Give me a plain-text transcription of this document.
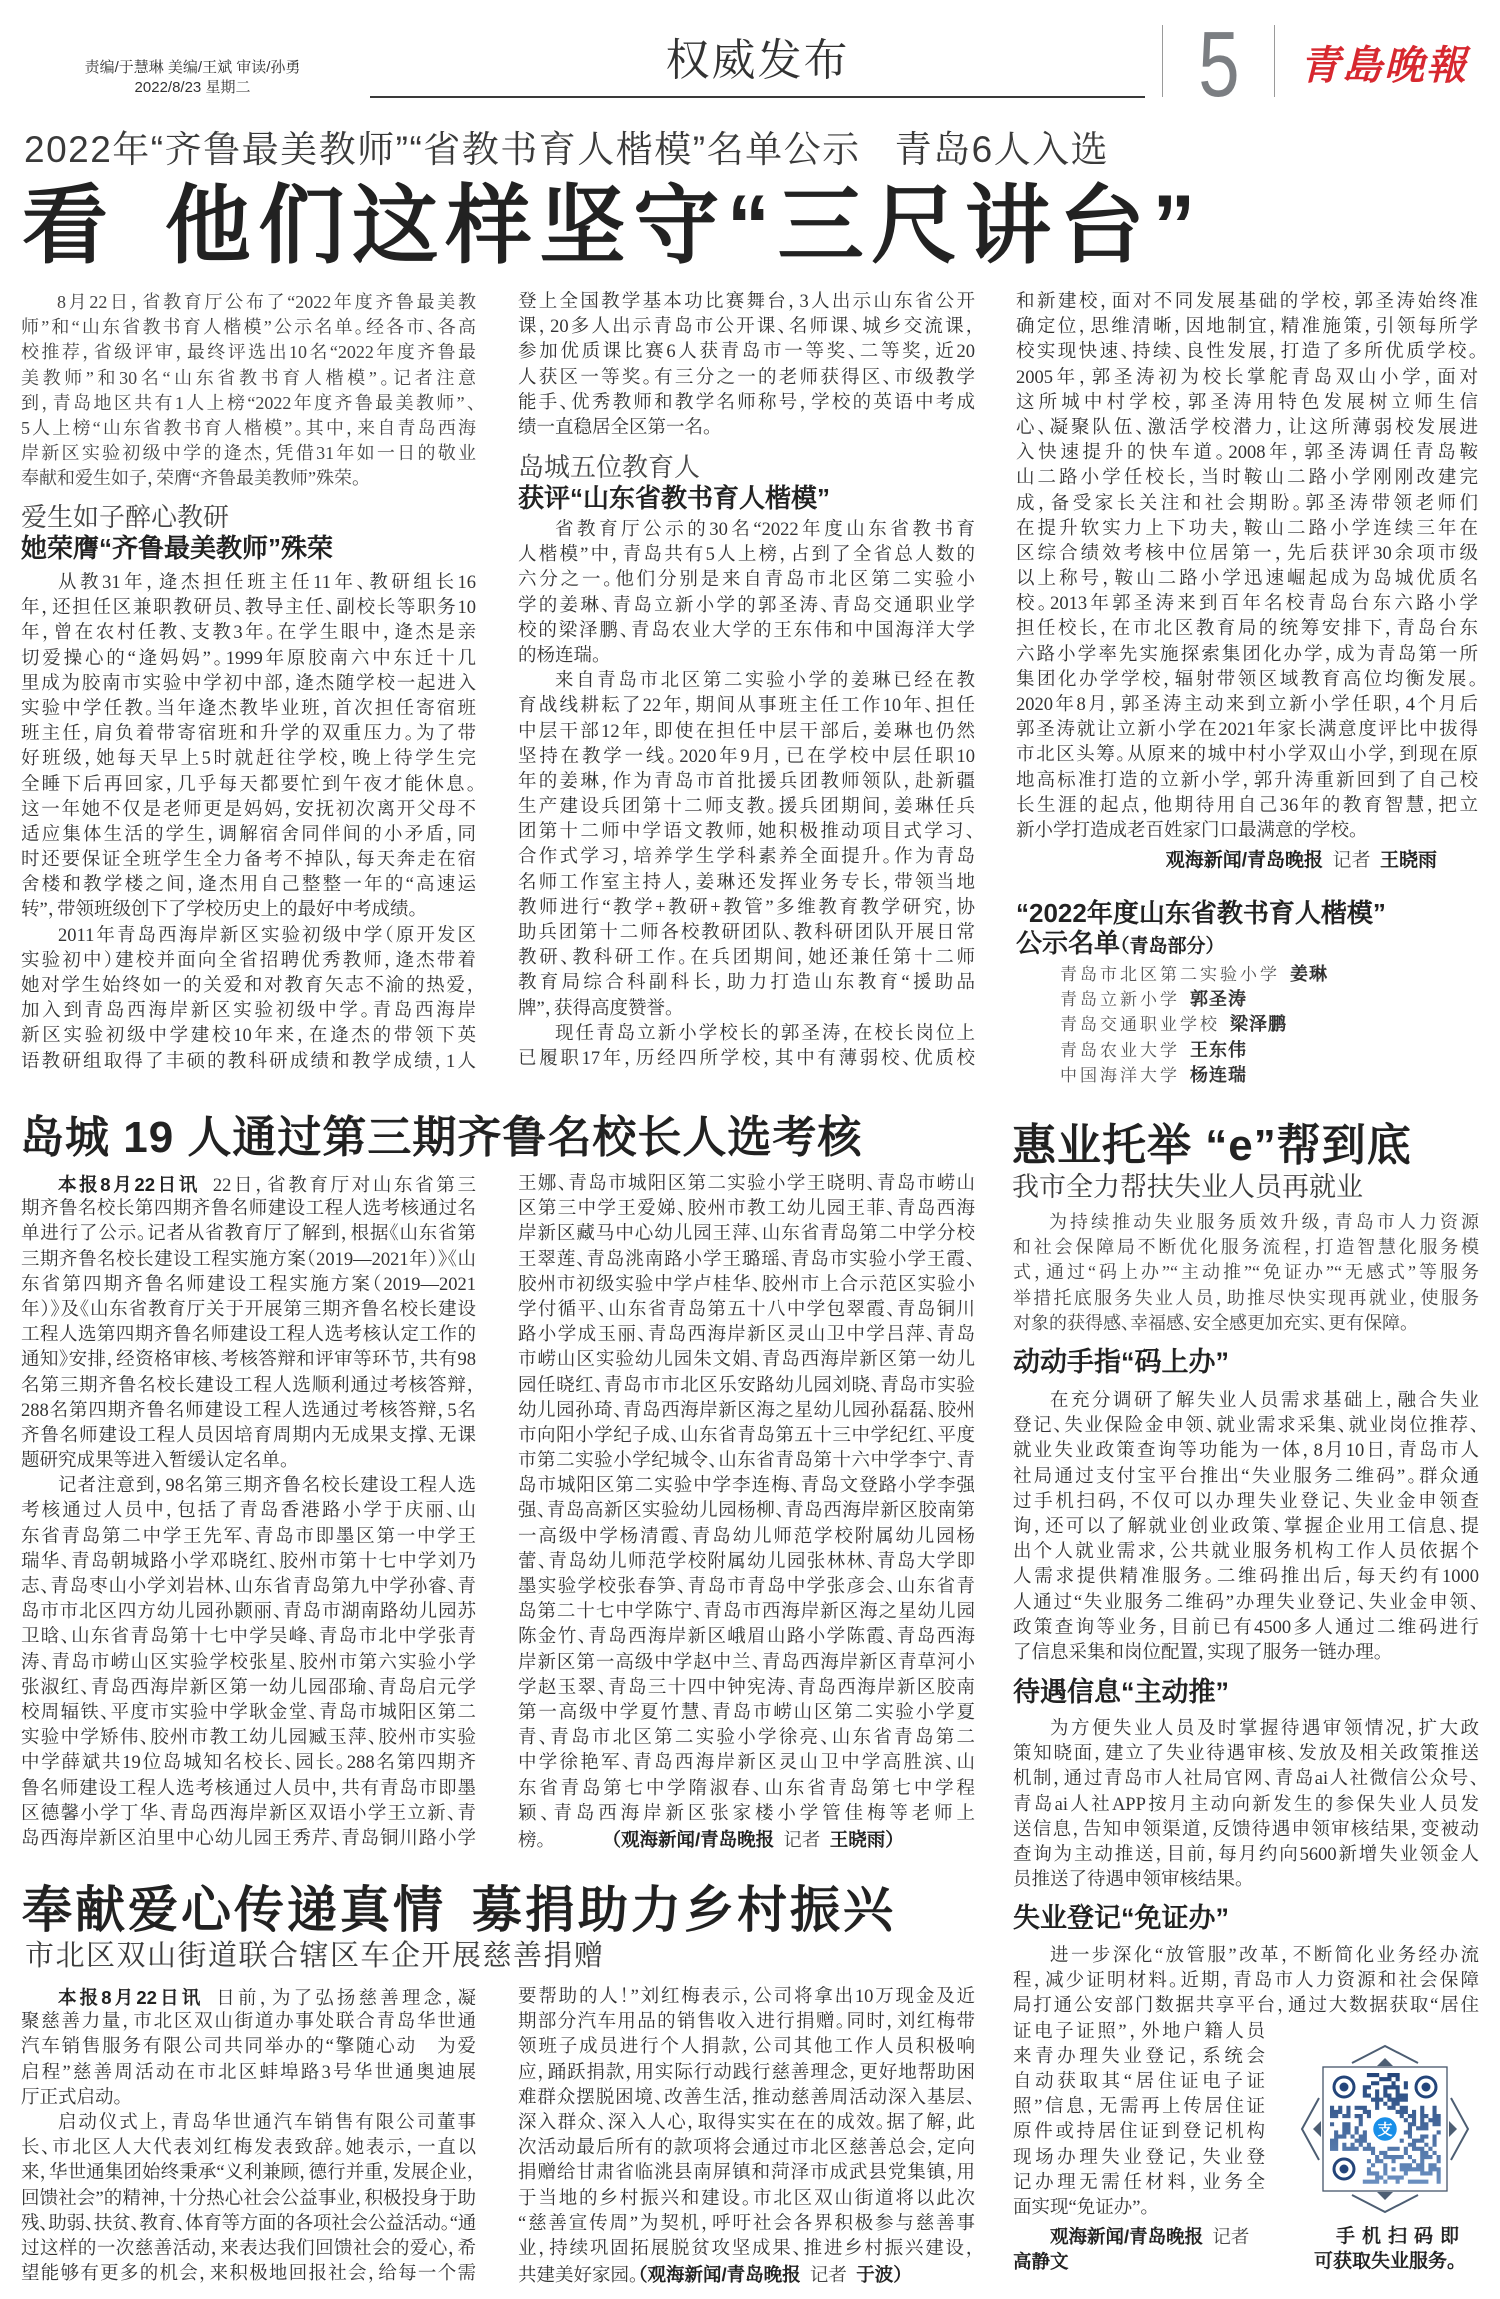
责编/于慧琳 美编/王斌 审读/孙勇
2022/8/23 星期二
权威发布	5 青島晚報
2022年“齐鲁最美教师”“省教书育人楷模”名单公示 青岛6人入选
看 他们这样坚守“三尺讲台”
8月22日，省教育厅公布了“2022年度齐鲁最美教
师”和“山东省教书育人楷模”公示名单。经各市、各高
校推荐，省级评审，最终评选出10名“2022年度齐鲁最
美教师”和30名“山东省教书育人楷模”。记者注意
到，青岛地区共有1人上榜“2022年度齐鲁最美教师”、
5人上榜“山东省教书育人楷模”。其中，来自青岛西海
岸新区实验初级中学的逄杰，凭借31年如一日的敬业
奉献和爱生如子，荣膺“齐鲁最美教师”殊荣。
爱生如子醉心教研
她荣膺“齐鲁最美教师”殊荣
从教31年，逄杰担任班主任11年、教研组长16
年，还担任区兼职教研员、教导主任、副校长等职务10
年，曾在农村任教、支教3年。在学生眼中，逄杰是亲
切爱操心的“逄妈妈”。1999年原胶南六中东迁十几
里成为胶南市实验中学初中部，逄杰随学校一起进入
实验中学任教。当年逄杰教毕业班，首次担任寄宿班
班主任，肩负着带寄宿班和升学的双重压力。为了带
好班级，她每天早上5时就赶往学校，晚上待学生完
全睡下后再回家，几乎每天都要忙到午夜才能休息。
这一年她不仅是老师更是妈妈，安抚初次离开父母不
适应集体生活的学生，调解宿舍同伴间的小矛盾，同
时还要保证全班学生全力备考不掉队，每天奔走在宿
舍楼和教学楼之间，逄杰用自己整整一年的“高速运
转”，带领班级创下了学校历史上的最好中考成绩。
2011年青岛西海岸新区实验初级中学（原开发区
实验初中）建校并面向全省招聘优秀教师，逄杰带着
她对学生始终如一的关爱和对教育矢志不渝的热爱，
加入到青岛西海岸新区实验初级中学。青岛西海岸
新区实验初级中学建校10年来，在逄杰的带领下英
语教研组取得了丰硕的教科研成绩和教学成绩，1人
登上全国教学基本功比赛舞台，3人出示山东省公开
课，20多人出示青岛市公开课、名师课、城乡交流课，
参加优质课比赛6人获青岛市一等奖、二等奖，近20
人获区一等奖。有三分之一的老师获得区、市级教学
能手、优秀教师和教学名师称号，学校的英语中考成
绩一直稳居全区第一名。
岛城五位教育人
获评“山东省教书育人楷模”
省教育厅公示的30名“2022年度山东省教书育
人楷模”中，青岛共有5人上榜，占到了全省总人数的
六分之一。他们分别是来自青岛市北区第二实验小
学的姜琳、青岛立新小学的郭圣涛、青岛交通职业学
校的梁泽鹏、青岛农业大学的王东伟和中国海洋大学
的杨连瑞。
来自青岛市北区第二实验小学的姜琳已经在教
育战线耕耘了22年，期间从事班主任工作10年、担任
中层干部12年，即使在担任中层干部后，姜琳也仍然
坚持在教学一线。2020年9月，已在学校中层任职10
年的姜琳，作为青岛市首批援兵团教师领队，赴新疆
生产建设兵团第十二师支教。援兵团期间，姜琳任兵
团第十二师中学语文教师，她积极推动项目式学习、
合作式学习，培养学生学科素养全面提升。作为青岛
名师工作室主持人，姜琳还发挥业务专长，带领当地
教师进行“教学+教研+教管”多维教育教学研究，协
助兵团第十二师各校教研团队、教科研团队开展日常
教研、教科研工作。在兵团期间，她还兼任第十二师
教育局综合科副科长，助力打造山东教育“援助品
牌”，获得高度赞誉。
现任青岛立新小学校长的郭圣涛，在校长岗位上
已履职17年，历经四所学校，其中有薄弱校、优质校
和新建校，面对不同发展基础的学校，郭圣涛始终准
确定位，思维清晰，因地制宜，精准施策，引领每所学
校实现快速、持续、良性发展，打造了多所优质学校。
2005年，郭圣涛初为校长掌舵青岛双山小学，面对
这所城中村学校，郭圣涛用特色发展树立师生信
心、凝聚队伍、激活学校潜力，让这所薄弱校发展进
入快速提升的快车道。2008年，郭圣涛调任青岛鞍
山二路小学任校长，当时鞍山二路小学刚刚改建完
成，备受家长关注和社会期盼。郭圣涛带领老师们
在提升软实力上下功夫，鞍山二路小学连续三年在
区综合绩效考核中位居第一，先后获评30余项市级
以上称号，鞍山二路小学迅速崛起成为岛城优质名
校。2013年郭圣涛来到百年名校青岛台东六路小学
担任校长，在市北区教育局的统筹安排下，青岛台东
六路小学率先实施探索集团化办学，成为青岛第一所
集团化办学学校，辐射带领区域教育高位均衡发展。
2020年8月，郭圣涛主动来到立新小学任职，4个月后
郭圣涛就让立新小学在2021年家长满意度评比中拔得
市北区头筹。从原来的城中村小学双山小学，到现在原
地高标准打造的立新小学，郭升涛重新回到了自己校
长生涯的起点，他期待用自己36年的教育智慧，把立
新小学打造成老百姓家门口最满意的学校。
观海新闻/青岛晚报 记者 王晓雨
“2022年度山东省教书育人楷模”
公示名单（青岛部分）
青岛市北区第二实验小学 姜琳
青岛立新小学 郭圣涛
青岛交通职业学校 梁泽鹏
青岛农业大学 王东伟
中国海洋大学 杨连瑞
岛城 19 人通过第三期齐鲁名校长人选考核
本报8月22日讯 22日，省教育厅对山东省第三
期齐鲁名校长第四期齐鲁名师建设工程人选考核通过名
单进行了公示。记者从省教育厅了解到，根据《山东省第
三期齐鲁名校长建设工程实施方案（2019—2021年）》《山
东省第四期齐鲁名师建设工程实施方案（2019—2021
年）》及《山东省教育厅关于开展第三期齐鲁名校长建设
工程人选第四期齐鲁名师建设工程人选考核认定工作的
通知》安排，经资格审核、考核答辩和评审等环节，共有98
名第三期齐鲁名校长建设工程人选顺利通过考核答辩，
288名第四期齐鲁名师建设工程人选通过考核答辩，5名
齐鲁名师建设工程人员因培育周期内无成果支撑、无课
题研究成果等进入暂缓认定名单。
记者注意到，98名第三期齐鲁名校长建设工程人选
考核通过人员中，包括了青岛香港路小学于庆丽、山
东省青岛第二中学王先军、青岛市即墨区第一中学王
瑞华、青岛朝城路小学邓晓红、胶州市第十七中学刘乃
志、青岛枣山小学刘岩林、山东省青岛第九中学孙睿、青
岛市市北区四方幼儿园孙颢丽、青岛市湖南路幼儿园苏
卫晗、山东省青岛第十七中学吴峰、青岛市北中学张青
涛、青岛市崂山区实验学校张星、胶州市第六实验小学
张淑红、青岛西海岸新区第一幼儿园邵瑜、青岛启元学
校周辐铁、平度市实验中学耿金堂、青岛市城阳区第二
实验中学矫伟、胶州市教工幼儿园臧玉萍、胶州市实验
中学薛斌共19位岛城知名校长、园长。288名第四期齐
鲁名师建设工程人选考核通过人员中，共有青岛市即墨
区德馨小学丁华、青岛西海岸新区双语小学王立新、青
岛西海岸新区泊里中心幼儿园王秀芹、青岛铜川路小学
王娜、青岛市城阳区第二实验小学王晓明、青岛市崂山
区第三中学王爱娣、胶州市教工幼儿园王菲、青岛西海
岸新区藏马中心幼儿园王萍、山东省青岛第二中学分校
王翠莲、青岛洮南路小学王璐瑶、青岛市实验小学王霞、
胶州市初级实验中学卢桂华、胶州市上合示范区实验小
学付循平、山东省青岛第五十八中学包翠霞、青岛铜川
路小学成玉丽、青岛西海岸新区灵山卫中学吕萍、青岛
市崂山区实验幼儿园朱文娟、青岛西海岸新区第一幼儿
园任晓红、青岛市市北区乐安路幼儿园刘晓、青岛市实验
幼儿园孙琦、青岛西海岸新区海之星幼儿园孙磊磊、胶州
市向阳小学纪子成、山东省青岛第五十三中学纪红、平度
市第二实验小学纪城令、山东省青岛第十六中学李宁、青
岛市城阳区第二实验中学李连梅、青岛文登路小学李强
强、青岛高新区实验幼儿园杨柳、青岛西海岸新区胶南第
一高级中学杨清霞、青岛幼儿师范学校附属幼儿园杨
蕾、青岛幼儿师范学校附属幼儿园张林林、青岛大学即
墨实验学校张春笋、青岛市青岛中学张彦会、山东省青
岛第二十七中学陈宁、青岛市西海岸新区海之星幼儿园
陈金竹、青岛西海岸新区峨眉山路小学陈霞、青岛西海
岸新区第一高级中学赵中兰、青岛西海岸新区青草河小
学赵玉翠、青岛三十四中钟宪涛、青岛西海岸新区胶南
第一高级中学夏竹慧、青岛市崂山区第二实验小学夏
青、青岛市北区第二实验小学徐亮、山东省青岛第二
中学徐艳军、青岛西海岸新区灵山卫中学高胜滨、山
东省青岛第七中学隋淑春、山东省青岛第七中学程
颖、青岛西海岸新区张家楼小学管佳梅等老师上
榜。	（观海新闻/青岛晚报 记者 王晓雨）
惠业托举 “e”帮到底
我市全力帮扶失业人员再就业
为持续推动失业服务质效升级，青岛市人力资源
和社会保障局不断优化服务流程，打造智慧化服务模
式，通过“码上办”“主动推”“免证办”“无感式”等服务
举措托底服务失业人员，助推尽快实现再就业，使服务
对象的获得感、幸福感、安全感更加充实、更有保障。
动动手指“码上办”
在充分调研了解失业人员需求基础上，融合失业
登记、失业保险金申领、就业需求采集、就业岗位推荐、
就业失业政策查询等功能为一体，8月10日，青岛市人
社局通过支付宝平台推出“失业服务二维码”。群众通
过手机扫码，不仅可以办理失业登记、失业金申领查
询，还可以了解就业创业政策、掌握企业用工信息、提
出个人就业需求，公共就业服务机构工作人员依据个
人需求提供精准服务。二维码推出后，每天约有1000
人通过“失业服务二维码”办理失业登记、失业金申领、
政策查询等业务，目前已有4500多人通过二维码进行
了信息采集和岗位配置，实现了服务一链办理。
待遇信息“主动推”
为方便失业人员及时掌握待遇审领情况，扩大政
策知晓面，建立了失业待遇审核、发放及相关政策推送
机制，通过青岛市人社局官网、青岛ai人社微信公众号、
青岛ai人社APP按月主动向新发生的参保失业人员发
送信息，告知申领渠道，反馈待遇申领审核结果，变被动
查询为主动推送，目前，每月约向5600新增失业领金人
员推送了待遇申领审核结果。
失业登记“免证办”
进一步深化“放管服”改革，不断简化业务经办流
程，减少证明材料。近期，青岛市人力资源和社会保障
局打通公安部门数据共享平台，通过大数据获取“居住
证电子证照”，外地户籍人员
来青办理失业登记，系统会
自动获取其“居住证电子证
照”信息，无需再上传居住证
原件或持居住证到登记机构
现场办理失业登记，失业登
记办理无需任材料，业务全
面实现“免证办”。
观海新闻/青岛晚报 记者
高静文
支
手机扫码即
可获取失业服务。
奉献爱心传递真情 募捐助力乡村振兴
市北区双山街道联合辖区车企开展慈善捐赠
本报8月22日讯 日前，为了弘扬慈善理念，凝
聚慈善力量，市北区双山街道办事处联合青岛华世通
汽车销售服务有限公司共同举办的“擎随心动　为爱
启程”慈善周活动在市北区蚌埠路3号华世通奥迪展
厅正式启动。
启动仪式上，青岛华世通汽车销售有限公司董事
长、市北区人大代表刘红梅发表致辞。她表示，一直以
来，华世通集团始终秉承“义利兼顾，德行并重，发展企业，
回馈社会”的精神，十分热心社会公益事业，积极投身于助
残、助弱、扶贫、教育、体育等方面的各项社会公益活动。“通
过这样的一次慈善活动，来表达我们回馈社会的爱心，希
望能够有更多的机会，来积极地回报社会，给每一个需
要帮助的人！”刘红梅表示，公司将拿出10万现金及近
期部分汽车用品的销售收入进行捐赠。同时，刘红梅带
领班子成员进行个人捐款，公司其他工作人员积极响
应，踊跃捐款，用实际行动践行慈善理念，更好地帮助困
难群众摆脱困境、改善生活，推动慈善周活动深入基层、
深入群众、深入人心，取得实实在在的成效。据了解，此
次活动最后所有的款项将会通过市北区慈善总会，定向
捐赠给甘肃省临洮县南屏镇和菏泽市成武县党集镇，用
于当地的乡村振兴和建设。市北区双山街道将以此次
“慈善宣传周”为契机，呼吁社会各界积极参与慈善事
业，持续巩固拓展脱贫攻坚成果、推进乡村振兴建设，
共建美好家园。（观海新闻/青岛晚报 记者 于波）
